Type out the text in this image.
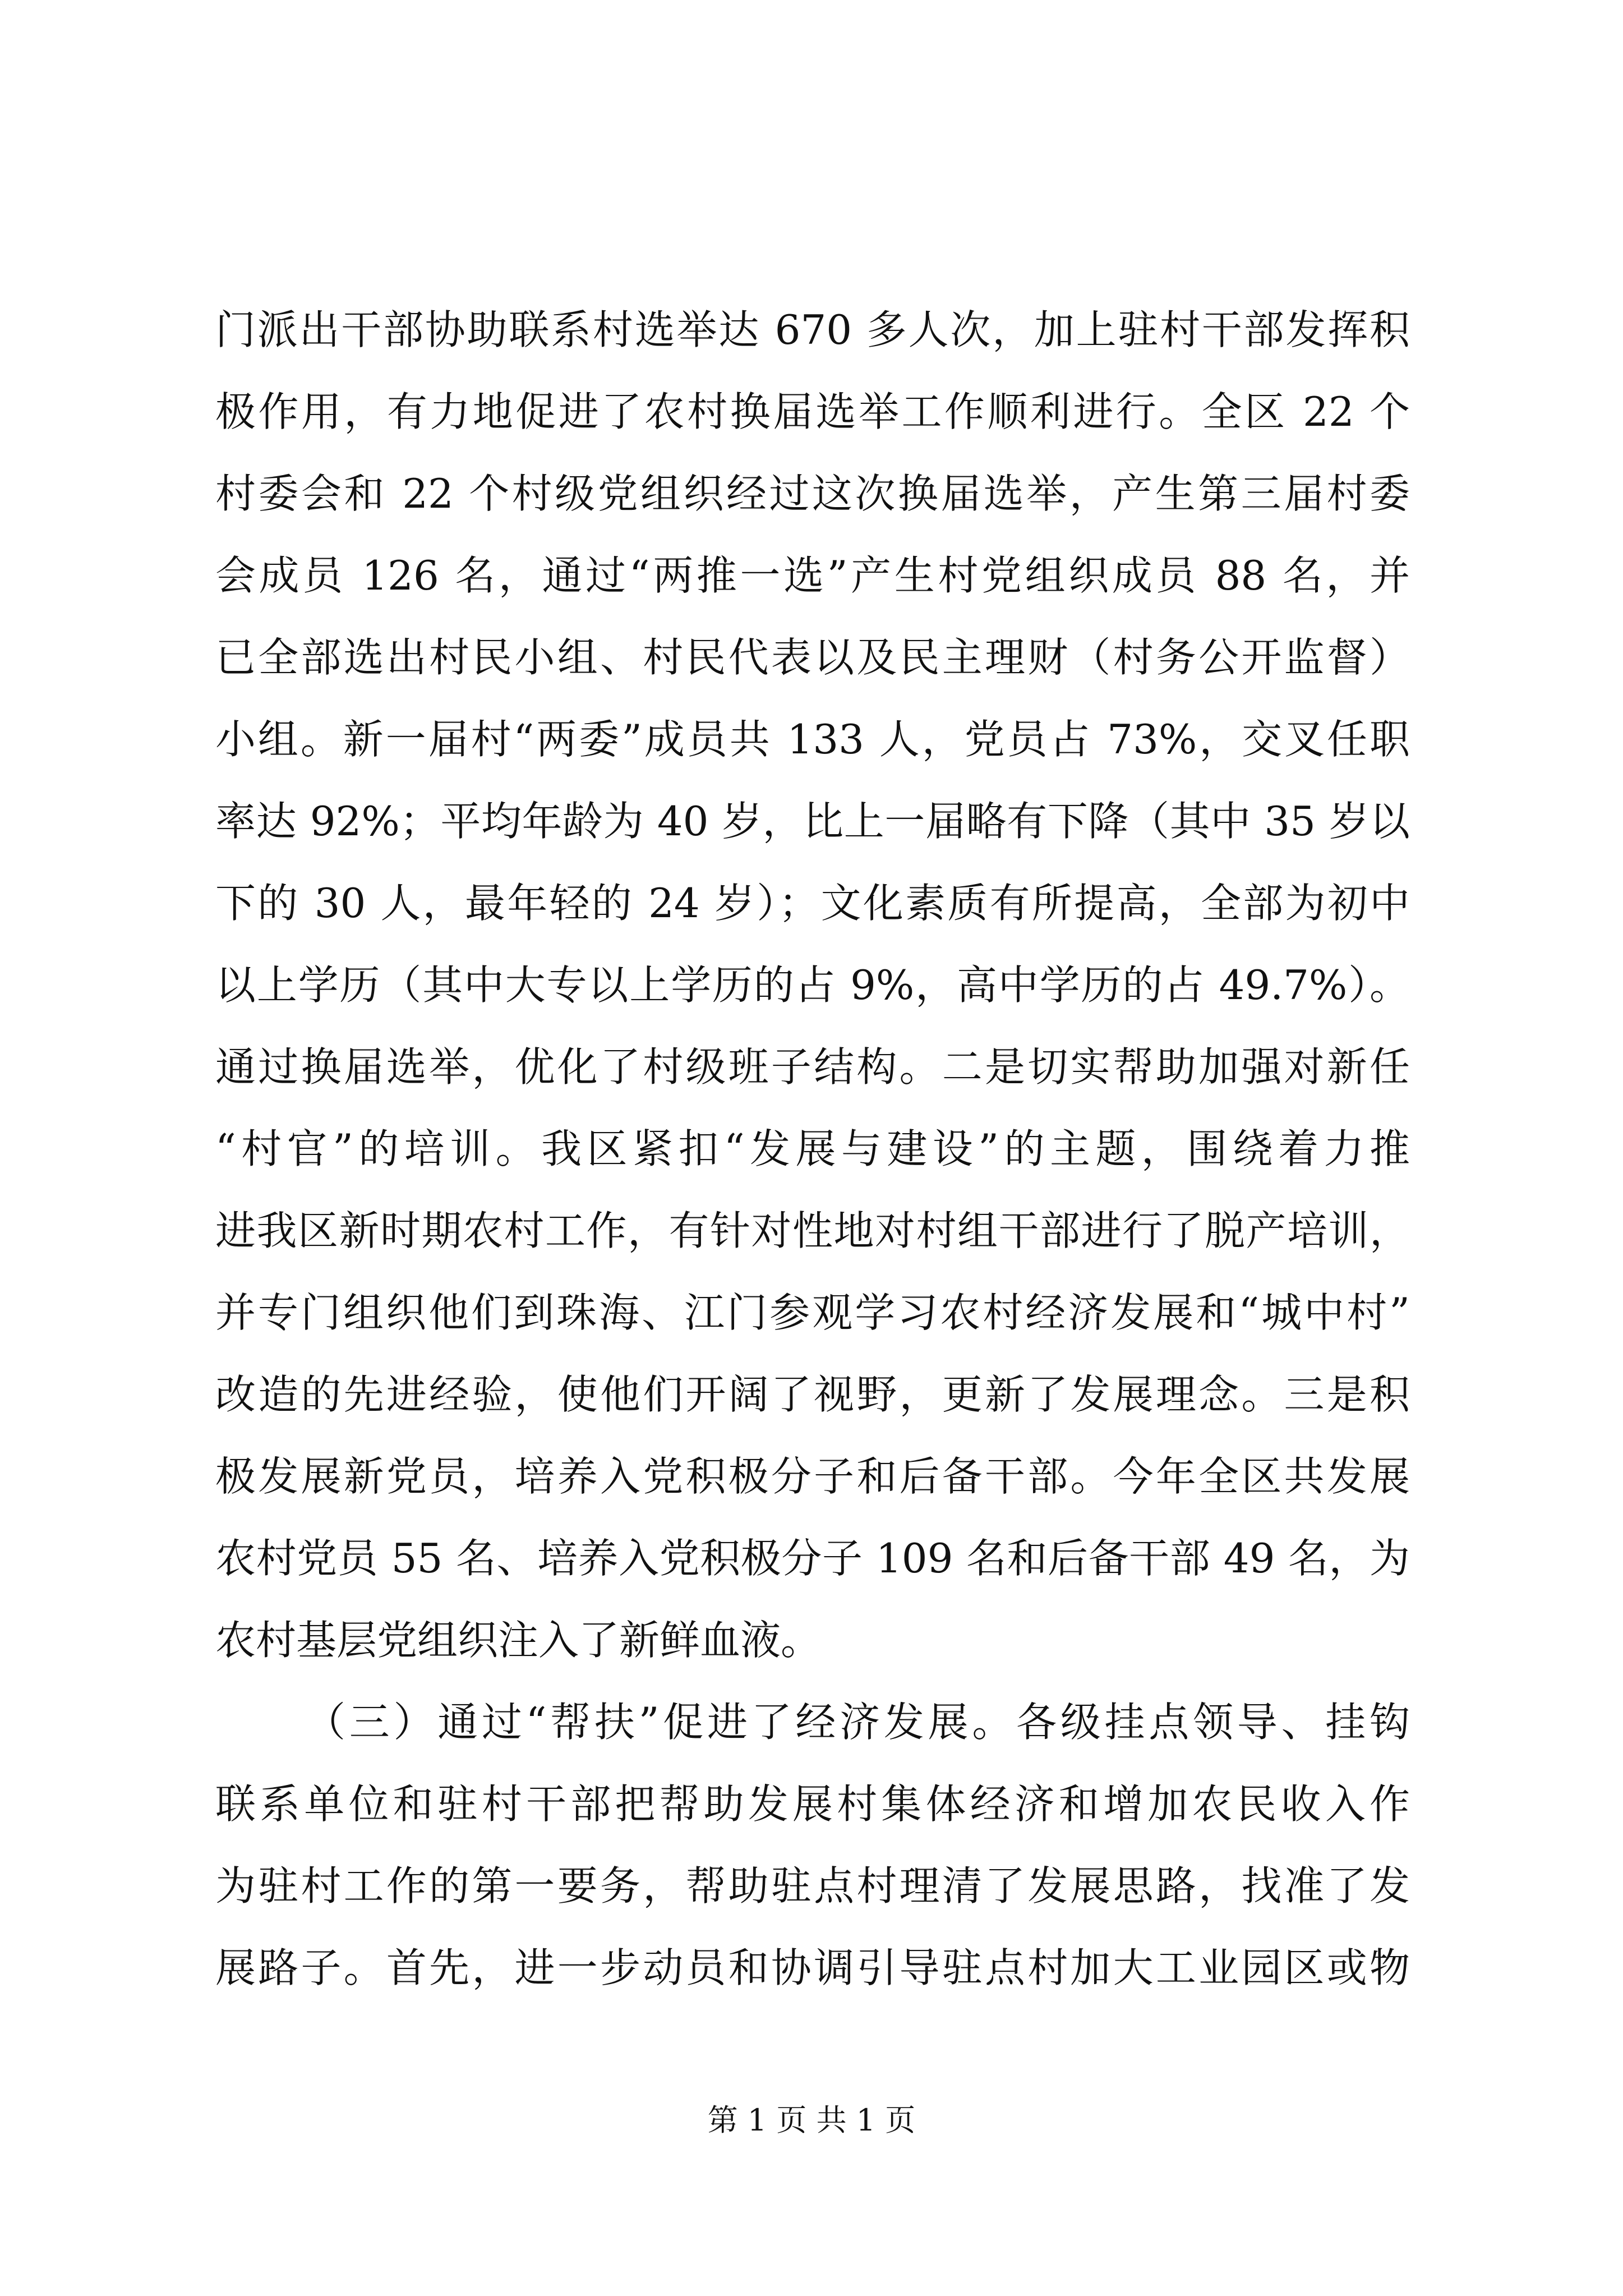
门派出干部协助联系村选举达 670 多人次，加上驻村干部发挥积
极作用，有力地促进了农村换届选举工作顺利进行。全区 22 个
村委会和 22 个村级党组织经过这次换届选举，产生第三届村委
会成员 126 名，通过“两推一选”产生村党组织成员 88 名，并
已全部选出村民小组、村民代表以及民主理财（村务公开监督）
小组。新一届村“两委”成员共 133 人，党员占 73%，交叉任职
率达 92%；平均年龄为 40 岁，比上一届略有下降（其中 35 岁以
下的 30 人，最年轻的 24 岁）；文化素质有所提高，全部为初中
以上学历（其中大专以上学历的占 9%，高中学历的占 49.7%）。
通过换届选举，优化了村级班子结构。二是切实帮助加强对新任
“村官”的培训。我区紧扣“发展与建设”的主题，围绕着力推
进我区新时期农村工作，有针对性地对村组干部进行了脱产培训，
并专门组织他们到珠海、江门参观学习农村经济发展和“城中村”
改造的先进经验，使他们开阔了视野，更新了发展理念。三是积
极发展新党员，培养入党积极分子和后备干部。今年全区共发展
农村党员 55 名、培养入党积极分子 109 名和后备干部 49 名，为
农村基层党组织注入了新鲜血液。
（三）通过“帮扶”促进了经济发展。各级挂点领导、挂钩
联系单位和驻村干部把帮助发展村集体经济和增加农民收入作
为驻村工作的第一要务，帮助驻点村理清了发展思路，找准了发
展路子。首先，进一步动员和协调引导驻点村加大工业园区或物
第 1 页 共 1 页
